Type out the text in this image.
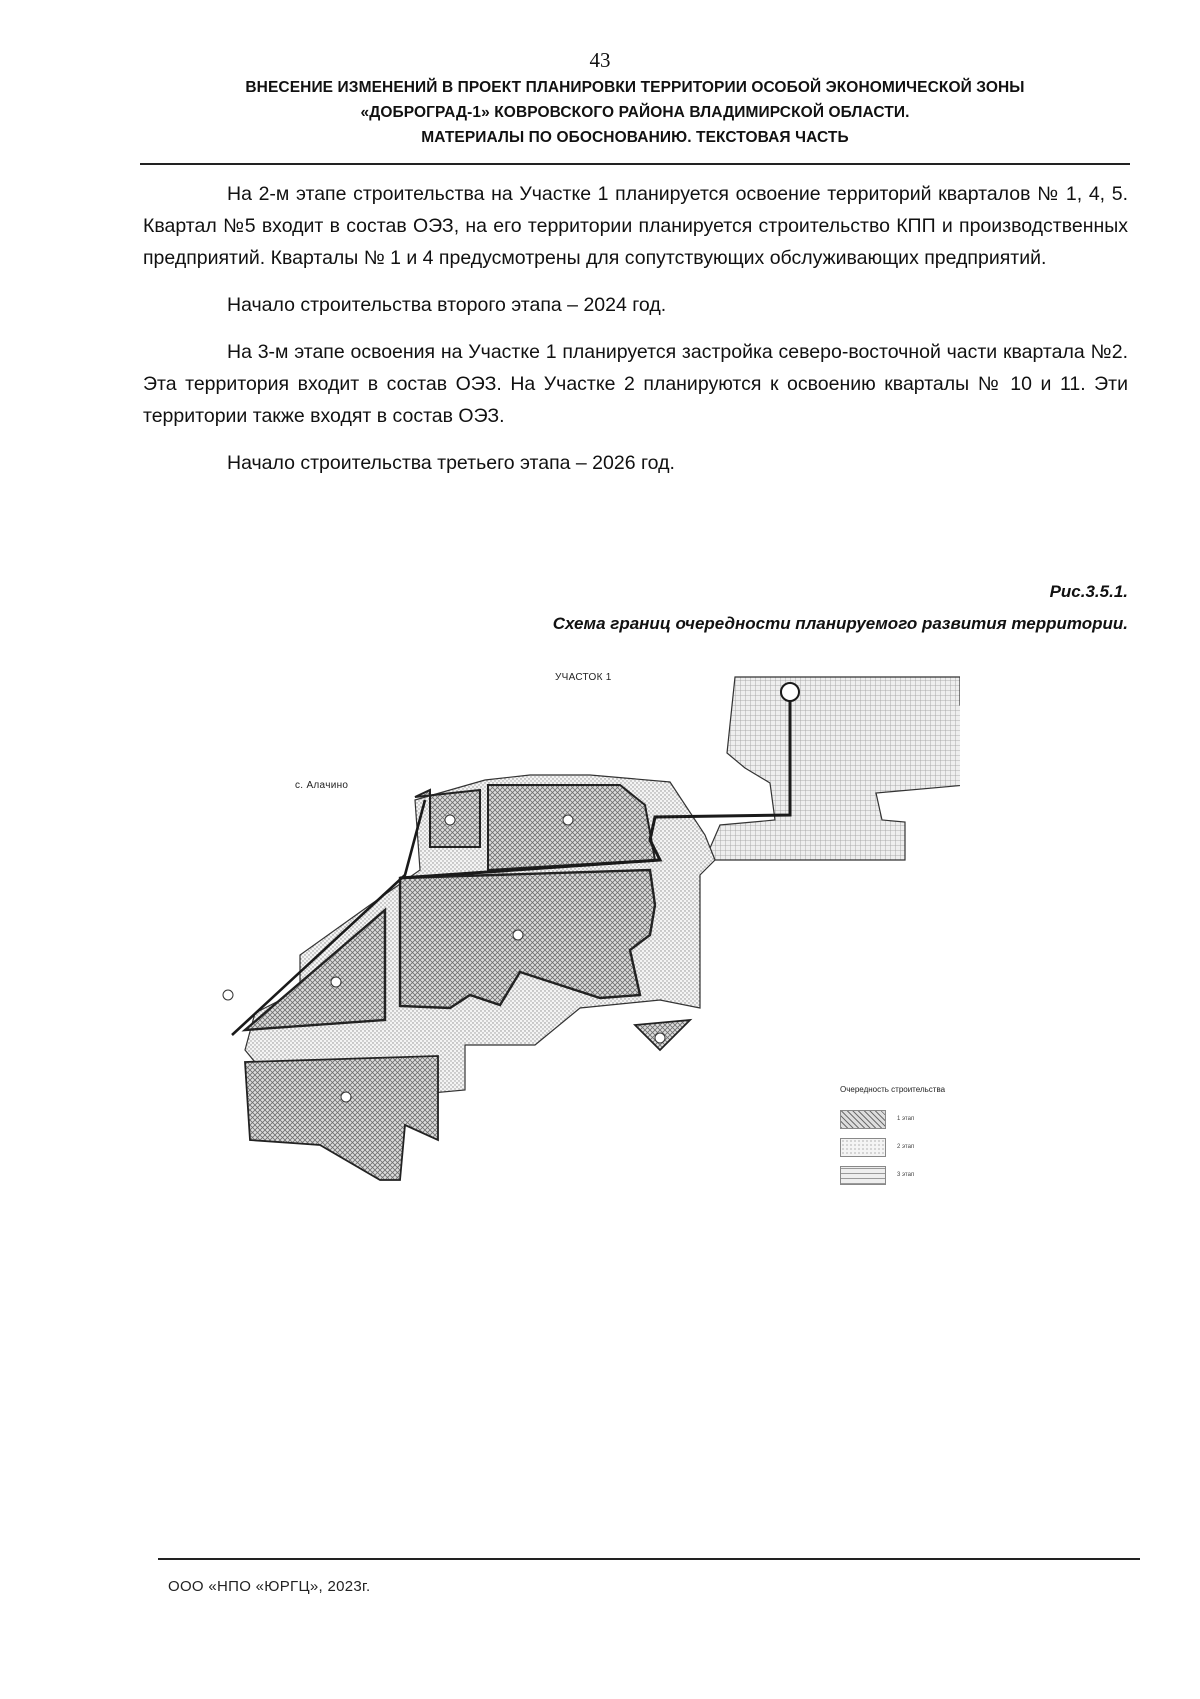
43
ВНЕСЕНИЕ ИЗМЕНЕНИЙ В ПРОЕКТ ПЛАНИРОВКИ ТЕРРИТОРИИ ОСОБОЙ ЭКОНОМИЧЕСКОЙ ЗОНЫ
«ДОБРОГРАД-1» КОВРОВСКОГО РАЙОНА ВЛАДИМИРСКОЙ ОБЛАСТИ.
МАТЕРИАЛЫ ПО ОБОСНОВАНИЮ. ТЕКСТОВАЯ ЧАСТЬ

На 2-м этапе строительства на Участке 1 планируется освоение территорий кварталов № 1, 4, 5. Квартал №5 входит в состав ОЭЗ, на его территории планируется строительство КПП и производственных предприятий. Кварталы № 1 и 4 предусмотрены для сопутствующих обслуживающих предприятий.

Начало строительства второго этапа – 2024 год.

На 3-м этапе освоения на Участке 1 планируется застройка северо-восточной части квартала №2. Эта территория входит в состав ОЭЗ. На Участке 2 планируются к освоению кварталы № 10 и 11. Эти территории также входят в состав ОЭЗ.

Начало строительства третьего этапа – 2026 год.

Рис.3.5.1.
Схема границ очередности планируемого развития территории.
УЧАСТОК 1
с. Алачино
Очередность строительства
1 этап
2 этап
3 этап
ООО «НПО «ЮРГЦ», 2023г.
